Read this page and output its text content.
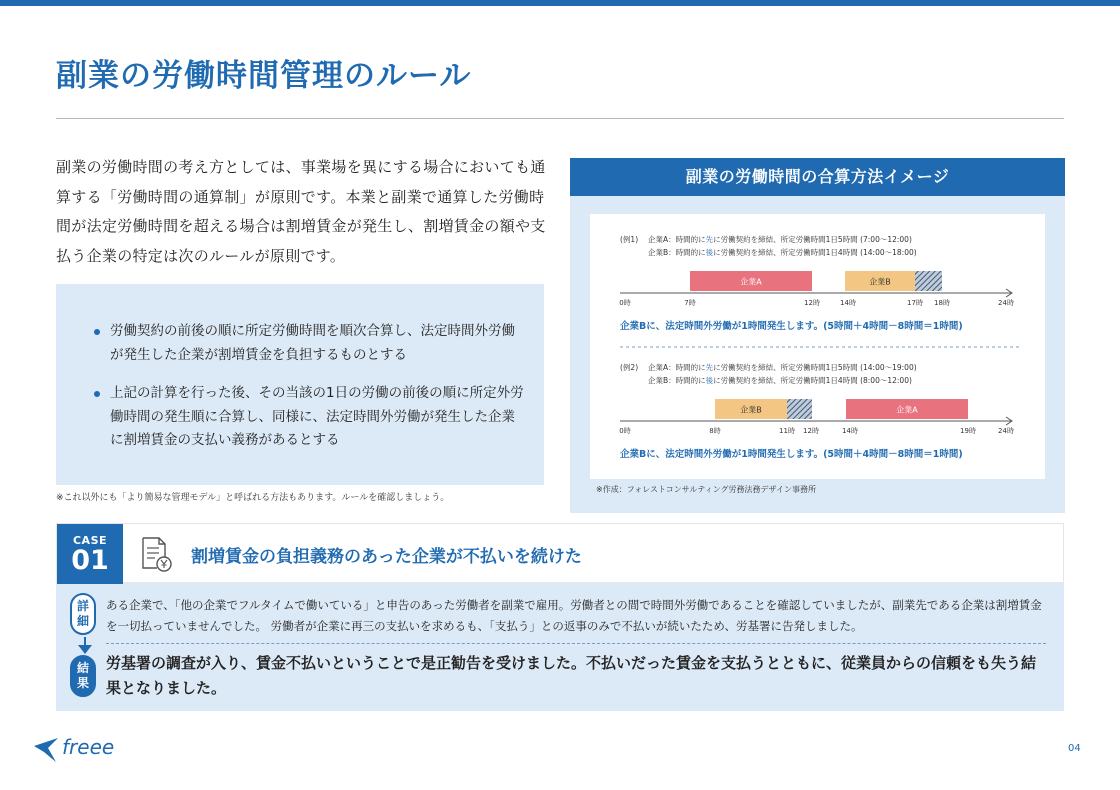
副業の労働時間管理のルール

副業の労働時間の考え方としては、事業場を異にする場合においても通算する「労働時間の通算制」が原則です。本業と副業で通算した労働時間が法定労働時間を超える場合は割増賃金が発生し、割増賃金の額や支払う企業の特定は次のルールが原則です。

労働契約の前後の順に所定労働時間を順次合算し、法定時間外労働が発生した企業が割増賃金を負担するものとする
上記の計算を行った後、その当該の1日の労働の前後の順に所定外労働時間の発生順に合算し、同様に、法定時間外労働が発生した企業に割増賃金の支払い義務があるとする
※これ以外にも「より簡易な管理モデル」と呼ばれる方法もあります。ルールを確認しましょう。
副業の労働時間の合算方法イメージ
(例1) 企業A：時間的に先に労働契約を締結、所定労働時間1日5時間 (7:00〜12:00)
企業B：時間的に後に労働契約を締結、所定労働時間1日4時間 (14:00〜18:00)
企業A	企業B
0時	7時	12時	14時	17時 18時	24時
企業Bに、法定時間外労働が1時間発生します。(5時間＋4時間－8時間＝1時間)
(例2) 企業A：時間的に先に労働契約を締結、所定労働時間1日5時間 (14:00〜19:00)
企業B：時間的に後に労働契約を締結、所定労働時間1日4時間 (8:00〜12:00)
企業B	企業A
0時	8時	11時 12時	14時	19時	24時
企業Bに、法定時間外労働が1時間発生します。(5時間＋4時間－8時間＝1時間)
※作成：フォレストコンサルティング労務法務デザイン事務所
CASE
01	割増賃金の負担義務のあった企業が不払いを続けた
詳細
結果

ある企業で、「他の企業でフルタイムで働いている」と申告のあった労働者を副業で雇用。労働者との間で時間外労働であることを確認していましたが、副業先である企業は割増賃金を一切払っていませんでした。 労働者が企業に再三の支払いを求めるも、「支払う」との返事のみで不払いが続いたため、労基署に告発しました。

労基署の調査が入り、賃金不払いということで是正勧告を受けました。不払いだった賃金を支払うとともに、従業員からの信頼をも失う結果となりました。

freee	04
